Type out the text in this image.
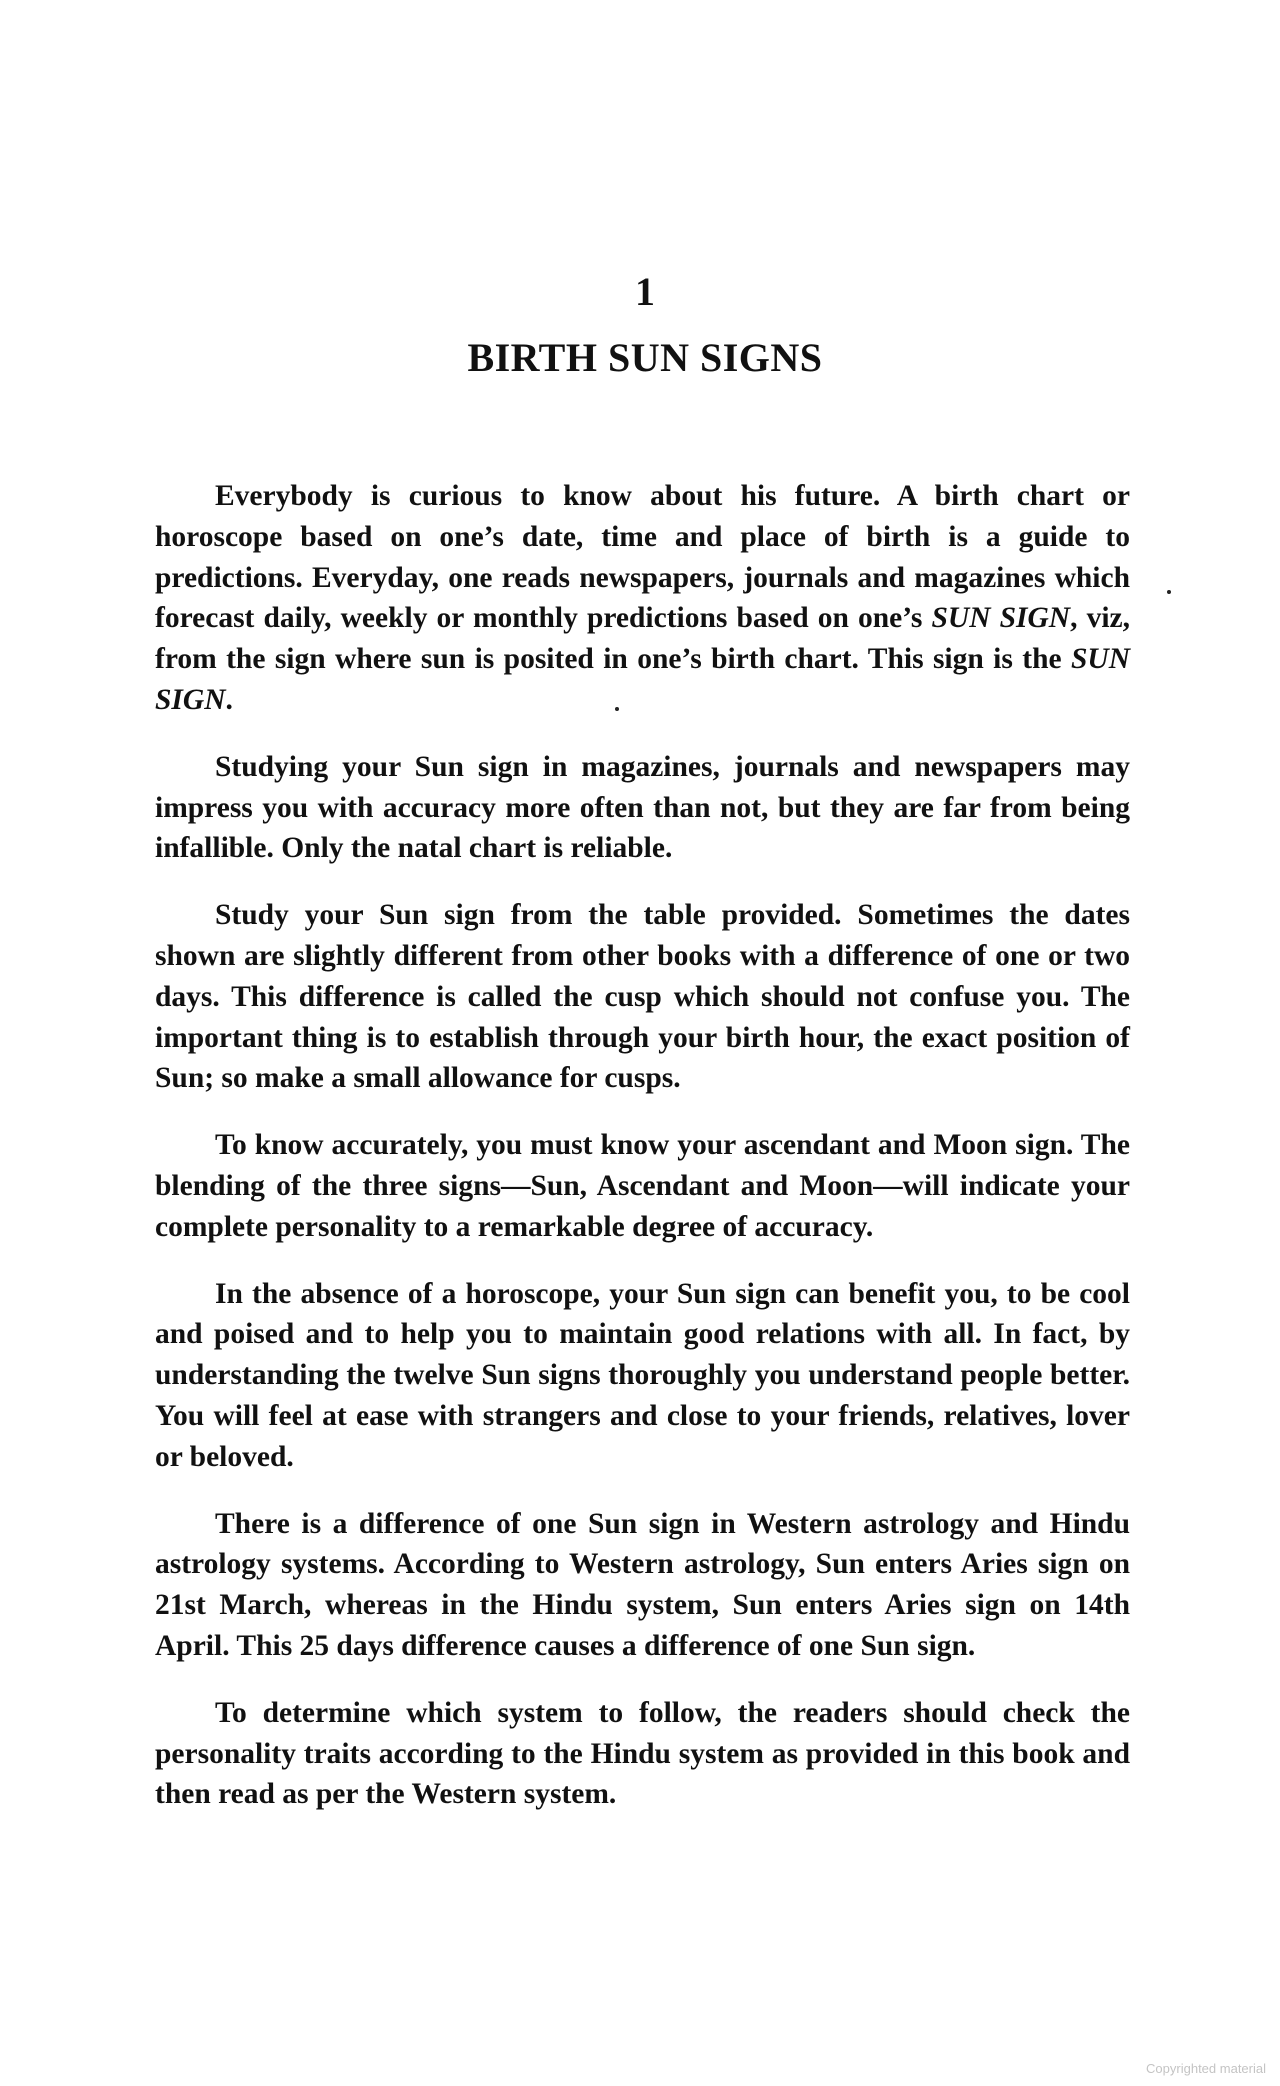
1
BIRTH SUN SIGNS

Everybody is curious to know about his future. A birth chart or horoscope based on one’s date, time and place of birth is a guide to predictions. Everyday, one reads newspapers, journals and magazines which forecast daily, weekly or monthly predictions based on one’s SUN SIGN, viz, from the sign where sun is posited in one’s birth chart. This sign is the SUN SIGN.

Studying your Sun sign in magazines, journals and newspapers may impress you with accuracy more often than not, but they are far from being infallible. Only the natal chart is reliable.

Study your Sun sign from the table provided. Sometimes the dates shown are slightly different from other books with a difference of one or two days. This difference is called the cusp which should not confuse you. The important thing is to establish through your birth hour, the exact position of Sun; so make a small allowance for cusps.

To know accurately, you must know your ascendant and Moon sign. The blending of the three signs—Sun, Ascendant and Moon—will indicate your complete personality to a remarkable degree of accuracy.

In the absence of a horoscope, your Sun sign can benefit you, to be cool and poised and to help you to maintain good relations with all. In fact, by understanding the twelve Sun signs thoroughly you understand people better. You will feel at ease with strangers and close to your friends, relatives, lover or beloved.

There is a difference of one Sun sign in Western astrology and Hindu astrology systems. According to Western astrology, Sun enters Aries sign on 21st March, whereas in the Hindu system, Sun enters Aries sign on 14th April. This 25 days difference causes a difference of one Sun sign.

To determine which system to follow, the readers should check the personality traits according to the Hindu system as provided in this book and then read as per the Western system.

Copyrighted material
